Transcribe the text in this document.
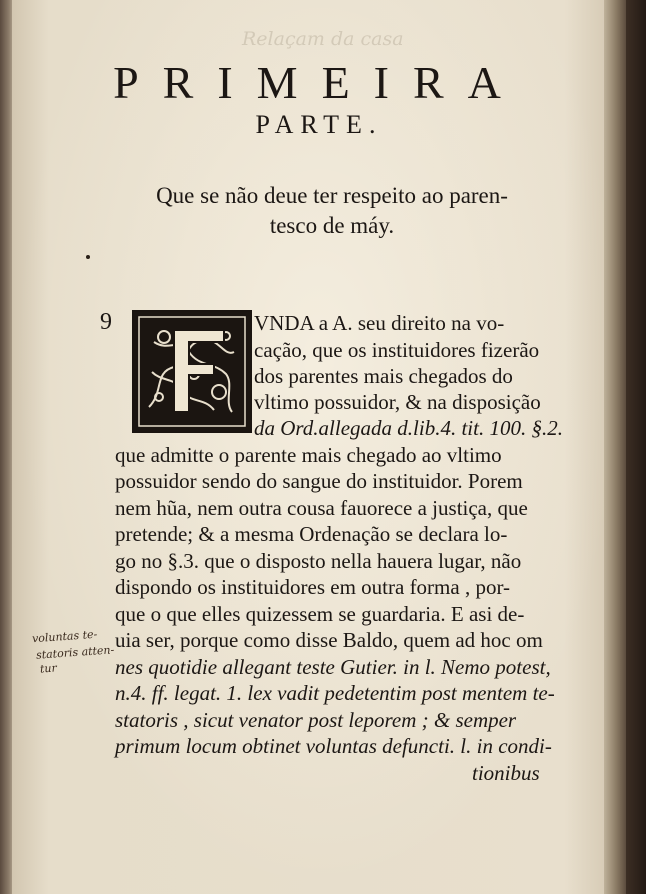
Relaçam da casa
PRIMEIRA
PARTE.
Que se não deue ter respeito ao paren-
tesco de máy.
9	VNDA a A. seu direito na vo-
cação, que os instituidores fizerão
dos parentes mais chegados do
vltimo possuidor, & na disposição
da Ord.allegada d.lib.4. tit. 100. §.2.
que admitte o parente mais chegado ao vltimo
possuidor sendo do sangue do instituidor. Porem
nem hũa, nem outra cousa fauorece a justiça, que
pretende; & a mesma Ordenação se declara lo-
go no §.3. que o disposto nella hauera lugar, não
dispondo os instituidores em outra forma , por-
que o que elles quizessem se guardaria. E asi de-
uia ser, porque como disse Baldo, quem ad hoc om
nes quotidie allegant teste Gutier. in l. Nemo potest,
n.4. ff. legat. 1. lex vadit pedetentim post mentem te-
statoris , sicut venator post leporem ; & semper
primum locum obtinet voluntas defuncti. l. in condi-
tionibus
voluntas te-
statoris atten-
tur
